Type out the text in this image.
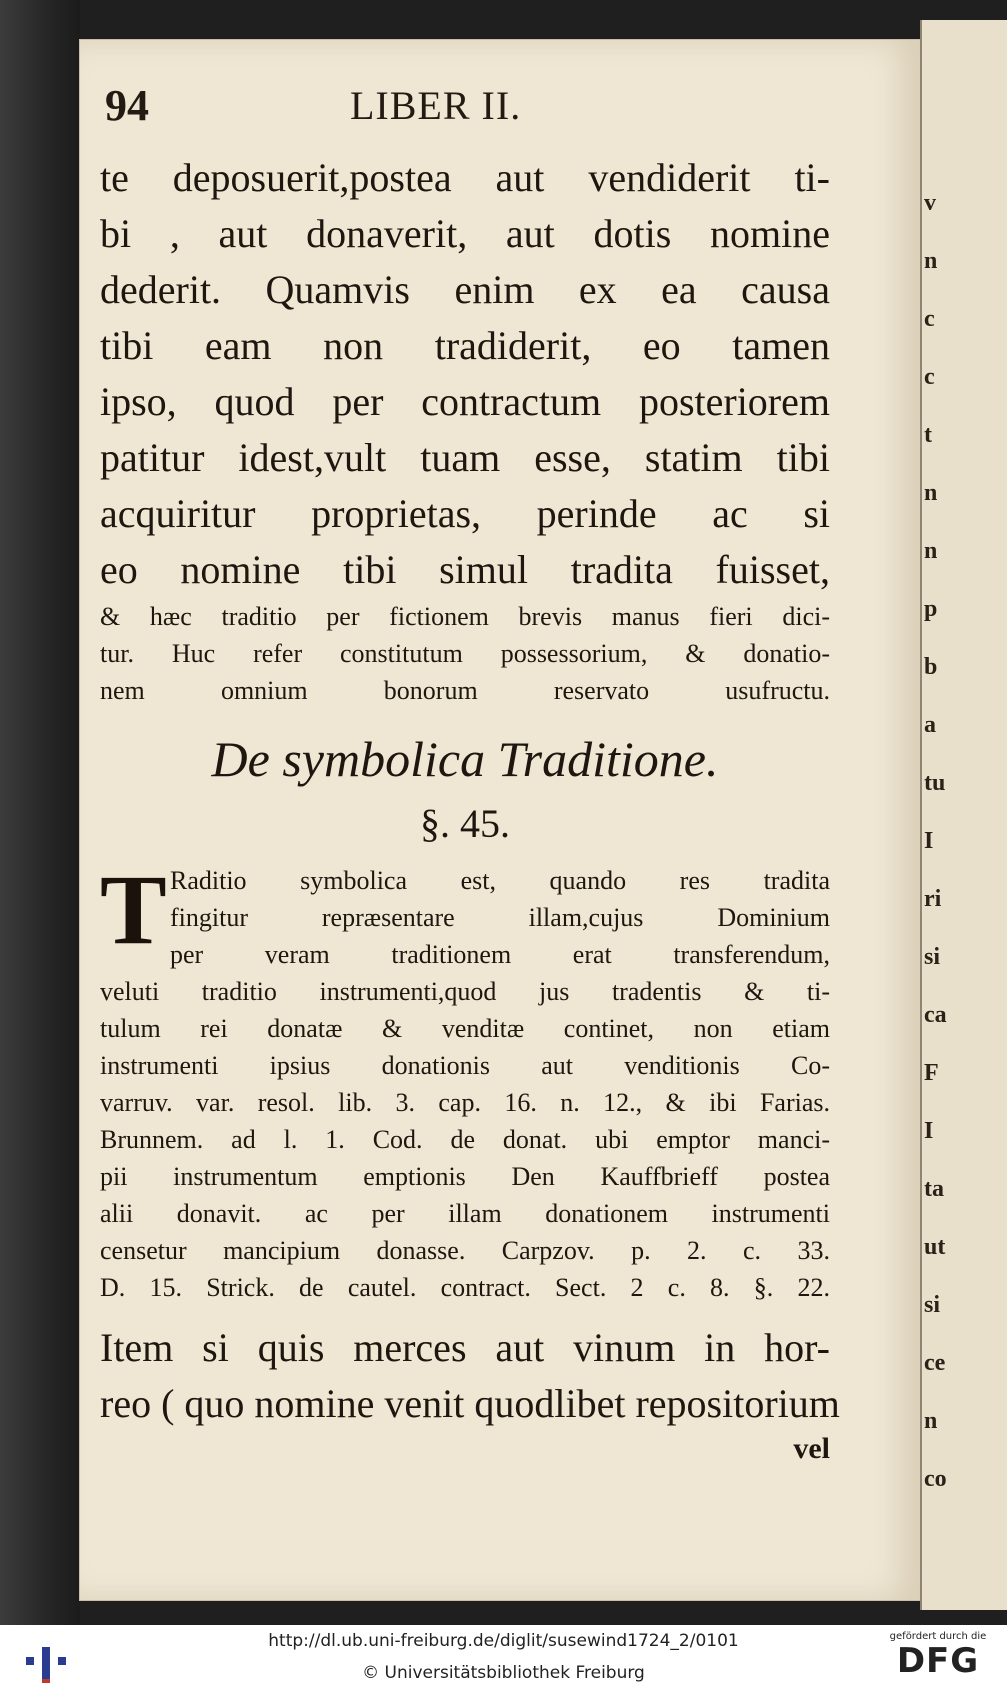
v
n
c
c
t
n
n
p
b
a
tu
I
ri
si
ca
F
I
ta
ut
si
ce
n
co
94	LIBER II.
te deposuerit,postea aut vendiderit ti-
bi , aut donaverit, aut dotis nomine
dederit. Quamvis enim ex ea causa
tibi eam non tradiderit, eo tamen
ipso, quod per contractum posteriorem
patitur idest,vult tuam esse, statim tibi
acquiritur proprietas, perinde ac si
eo nomine tibi simul tradita fuisset,
& hæc traditio per fictionem brevis manus fieri dici-
tur. Huc refer constitutum possessorium, & donatio-
nem omnium bonorum reservato usufructu.
De symbolica Traditione.
§. 45.
T Raditio symbolica est, quando res tradita
fingitur repræsentare illam,cujus Dominium
per veram traditionem erat transferendum,
veluti traditio instrumenti,quod jus tradentis & ti-
tulum rei donatæ & venditæ continet, non etiam
instrumenti ipsius donationis aut venditionis Co-
varruv. var. resol. lib. 3. cap. 16. n. 12., & ibi Farias.
Brunnem. ad l. 1. Cod. de donat. ubi emptor manci-
pii instrumentum emptionis Den Kauffbrieff postea
alii donavit. ac per illam donationem instrumenti
censetur mancipium donasse. Carpzov. p. 2. c. 33.
D. 15. Strick. de cautel. contract. Sect. 2 c. 8. §. 22.
Item si quis merces aut vinum in hor-
reo ( quo nomine venit quodlibet repositorium
vel
http://dl.ub.uni-freiburg.de/diglit/susewind1724_2/0101
© Universitätsbibliothek Freiburg
gefördert durch die
DFG
